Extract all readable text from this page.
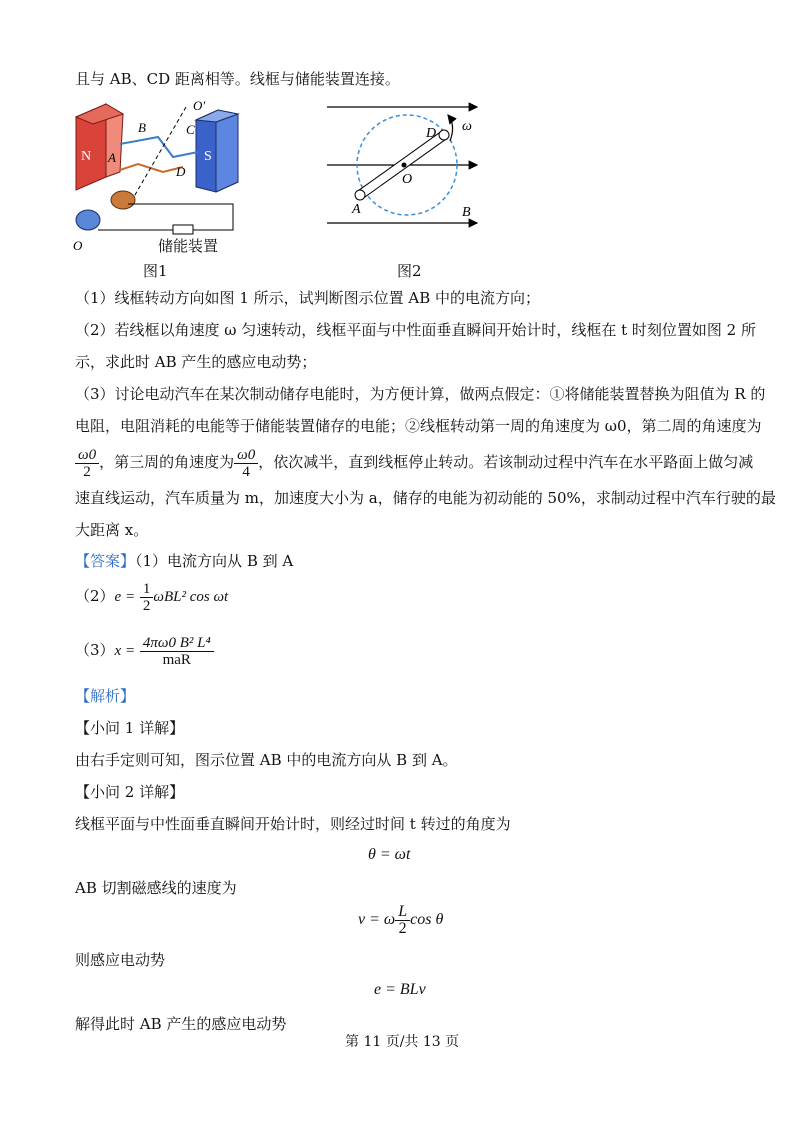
且与 AB、CD 距离相等。线框与储能装置连接。
N	S
O′
B	C
A
D
O	储能装置
图1
D ω
O
A	B
图2
（1）线框转动方向如图 1 所示，试判断图示位置 AB 中的电流方向；
（2）若线框以角速度 ω 匀速转动，线框平面与中性面垂直瞬间开始计时，线框在 t 时刻位置如图 2 所
示，求此时 AB 产生的感应电动势；
（3）讨论电动汽车在某次制动储存电能时，为方便计算，做两点假定：①将储能装置替换为阻值为 R 的
电阻，电阻消耗的电能等于储能装置储存的电能；②线框转动第一周的角速度为 ω0，第二周的角速度为
$\frac{\omega 0}{2}$ ，第三周的角速度为 $\frac{\omega 0}{4}$ ，依次减半，直到线框停止转动。若该制动过程中汽车在水平路面上做匀减
速直线运动，汽车质量为 m，加速度大小为 a，储存的电能为初动能的 50%，求制动过程中汽车行驶的最
大距离 x。
【答案】（1）电流方向从 B 到 A
$(2)e = \frac{1}{2} \omega BL^2$ cos ωt
$(3)x = \frac{\text{4πω0 B² L⁴}}{\text{maR}}$
【解析】
【小问 1 详解】
由右手定则可知，图示位置 AB 中的电流方向从 B 到 A。
【小问 2 详解】
线框平面与中性面垂直瞬间开始计时，则经过时间 t 转过的角度为
θ = ωt
AB 切割磁感线的速度为
v = ω $\frac{L}{2}$ cos θ
则感应电动势
e = BLv
解得此时 AB 产生的感应电动势
第 11 页/共 13 页
